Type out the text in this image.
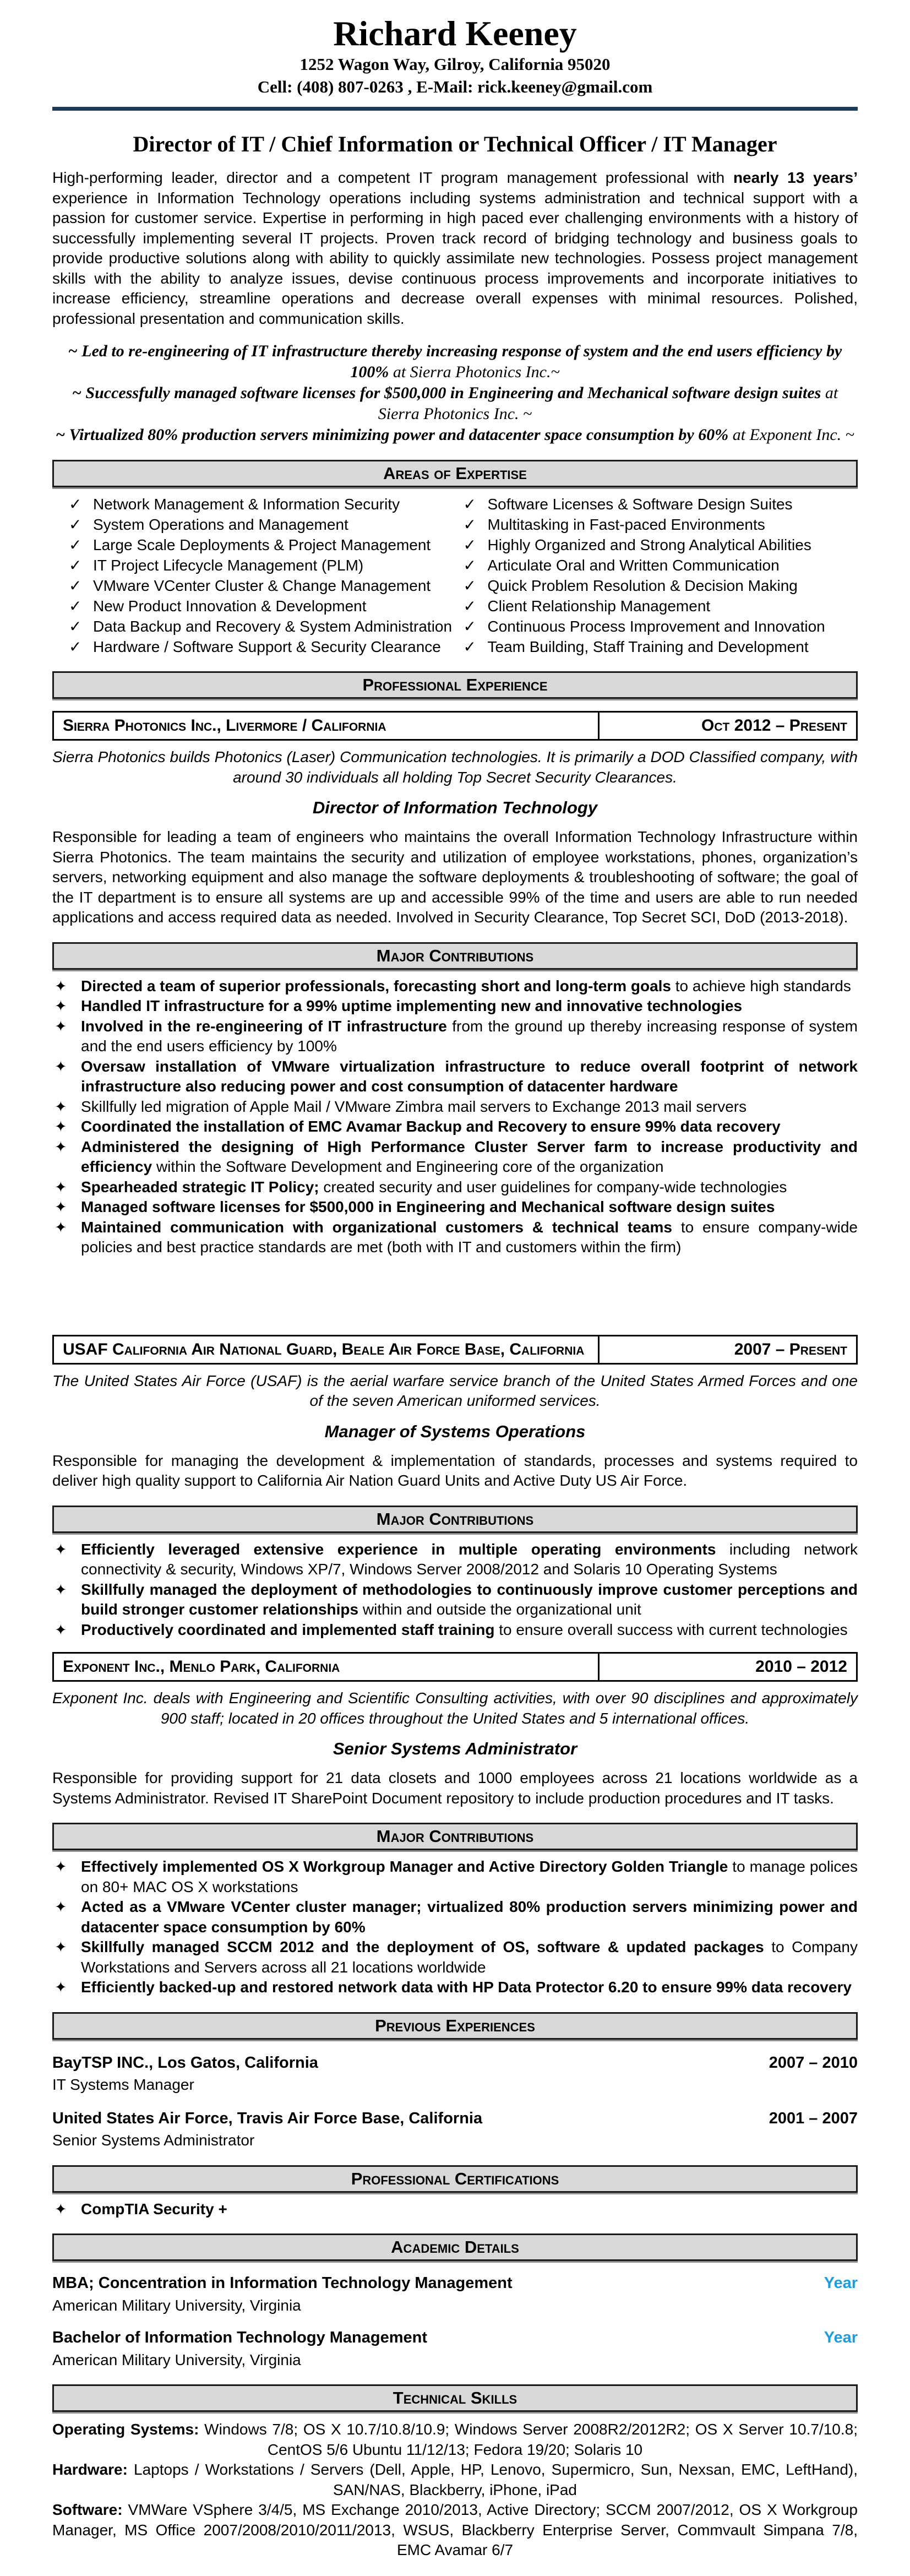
Richard Keeney
1252 Wagon Way, Gilroy, California 95020
Cell: (408) 807-0263 , E-Mail: rick.keeney@gmail.com
Director of IT / Chief Information or Technical Officer / IT Manager

High-performing leader, director and a competent IT program management professional with nearly 13 years’ experience in Information Technology operations including systems administration and technical support with a passion for customer service. Expertise in performing in high paced ever challenging environments with a history of successfully implementing several IT projects. Proven track record of bridging technology and business goals to provide productive solutions along with ability to quickly assimilate new technologies. Possess project management skills with the ability to analyze issues, devise continuous process improvements and incorporate initiatives to increase efficiency, streamline operations and decrease overall expenses with minimal resources. Polished, professional presentation and communication skills.

~ Led to re-engineering of IT infrastructure thereby increasing response of system and the end users efficiency by 100% at Sierra Photonics Inc.~

~ Successfully managed software licenses for $500,000 in Engineering and Mechanical software design suites at Sierra Photonics Inc. ~

~ Virtualized 80% production servers minimizing power and datacenter space consumption by 60% at Exponent Inc. ~

Areas of Expertise
✓ Network Management & Information Security
✓ System Operations and Management
✓ Large Scale Deployments & Project Management
✓ IT Project Lifecycle Management (PLM)
✓ VMware VCenter Cluster & Change Management
✓ New Product Innovation & Development
✓ Data Backup and Recovery & System Administration
✓ Hardware / Software Support & Security Clearance
✓ Software Licenses & Software Design Suites
✓ Multitasking in Fast-paced Environments
✓ Highly Organized and Strong Analytical Abilities
✓ Articulate Oral and Written Communication
✓ Quick Problem Resolution & Decision Making
✓ Client Relationship Management
✓ Continuous Process Improvement and Innovation
✓ Team Building, Staff Training and Development
Professional Experience
Sierra Photonics Inc., Livermore / California	Oct 2012 – Present

Sierra Photonics builds Photonics (Laser) Communication technologies. It is primarily a DOD Classified company, with around 30 individuals all holding Top Secret Security Clearances.

Director of Information Technology

Responsible for leading a team of engineers who maintains the overall Information Technology Infrastructure within Sierra Photonics. The team maintains the security and utilization of employee workstations, phones, organization’s servers, networking equipment and also manage the software deployments & troubleshooting of software; the goal of the IT department is to ensure all systems are up and accessible 99% of the time and users are able to run needed applications and access required data as needed. Involved in Security Clearance, Top Secret SCI, DoD (2013-2018).

Major Contributions
✦ Directed a team of superior professionals, forecasting short and long-term goals to achieve high standards
✦ Handled IT infrastructure for a 99% uptime implementing new and innovative technologies
✦ Involved in the re-engineering of IT infrastructure from the ground up thereby increasing response of system and the end users efficiency by 100%
✦ Oversaw installation of VMware virtualization infrastructure to reduce overall footprint of network infrastructure also reducing power and cost consumption of datacenter hardware
✦ Skillfully led migration of Apple Mail / VMware Zimbra mail servers to Exchange 2013 mail servers
✦ Coordinated the installation of EMC Avamar Backup and Recovery to ensure 99% data recovery
✦ Administered the designing of High Performance Cluster Server farm to increase productivity and efficiency within the Software Development and Engineering core of the organization
✦ Spearheaded strategic IT Policy; created security and user guidelines for company-wide technologies
✦ Managed software licenses for $500,000 in Engineering and Mechanical software design suites
✦ Maintained communication with organizational customers & technical teams to ensure company-wide policies and best practice standards are met (both with IT and customers within the firm)
USAF California Air National Guard, Beale Air Force Base, California	2007 – Present

The United States Air Force (USAF) is the aerial warfare service branch of the United States Armed Forces and one of the seven American uniformed services.

Manager of Systems Operations

Responsible for managing the development & implementation of standards, processes and systems required to deliver high quality support to California Air Nation Guard Units and Active Duty US Air Force.

Major Contributions
✦ Efficiently leveraged extensive experience in multiple operating environments including network connectivity & security, Windows XP/7, Windows Server 2008/2012 and Solaris 10 Operating Systems
✦ Skillfully managed the deployment of methodologies to continuously improve customer perceptions and build stronger customer relationships within and outside the organizational unit
✦ Productively coordinated and implemented staff training to ensure overall success with current technologies
Exponent Inc., Menlo Park, California	2010 – 2012

Exponent Inc. deals with Engineering and Scientific Consulting activities, with over 90 disciplines and approximately 900 staff; located in 20 offices throughout the United States and 5 international offices.

Senior Systems Administrator

Responsible for providing support for 21 data closets and 1000 employees across 21 locations worldwide as a Systems Administrator. Revised IT SharePoint Document repository to include production procedures and IT tasks.

Major Contributions
✦ Effectively implemented OS X Workgroup Manager and Active Directory Golden Triangle to manage polices on 80+ MAC OS X workstations
✦ Acted as a VMware VCenter cluster manager; virtualized 80% production servers minimizing power and datacenter space consumption by 60%
✦ Skillfully managed SCCM 2012 and the deployment of OS, software & updated packages to Company Workstations and Servers across all 21 locations worldwide
✦ Efficiently backed-up and restored network data with HP Data Protector 6.20 to ensure 99% data recovery
Previous Experiences
BayTSP INC., Los Gatos, California	2007 – 2010
IT Systems Manager
United States Air Force, Travis Air Force Base, California	2001 – 2007
Senior Systems Administrator
Professional Certifications
✦ CompTIA Security +
Academic Details
MBA; Concentration in Information Technology Management	Year
American Military University, Virginia
Bachelor of Information Technology Management	Year
American Military University, Virginia
Technical Skills

Operating Systems: Windows 7/8; OS X 10.7/10.8/10.9; Windows Server 2008R2/2012R2; OS X Server 10.7/10.8; CentOS 5/6 Ubuntu 11/12/13; Fedora 19/20; Solaris 10

Hardware: Laptops / Workstations / Servers (Dell, Apple, HP, Lenovo, Supermicro, Sun, Nexsan, EMC, LeftHand), SAN/NAS, Blackberry, iPhone, iPad

Software: VMWare VSphere 3/4/5, MS Exchange 2010/2013, Active Directory; SCCM 2007/2012, OS X Workgroup Manager, MS Office 2007/2008/2010/2011/2013, WSUS, Blackberry Enterprise Server, Commvault Simpana 7/8, EMC Avamar 6/7
